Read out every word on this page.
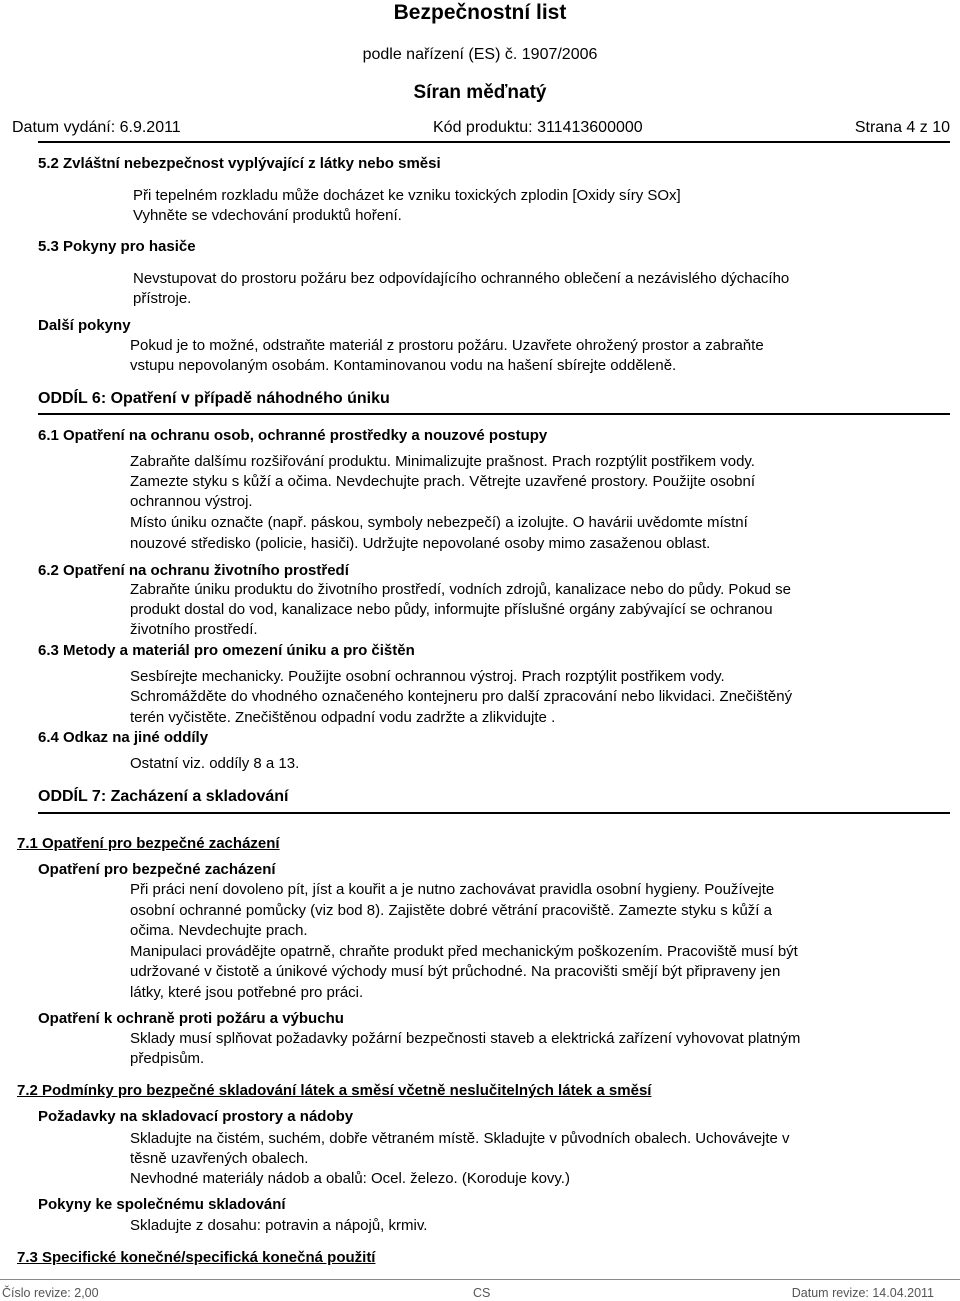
Bezpečnostní list
podle nařízení (ES) č. 1907/2006
Síran měďnatý
Datum vydání: 6.9.2011	Kód produktu: 311413600000	Strana 4 z 10
5.2 Zvláštní nebezpečnost vyplývající z látky nebo směsi
Při tepelném rozkladu může docházet ke vzniku toxických zplodin [Oxidy síry SOx]
Vyhněte se vdechování produktů hoření.
5.3 Pokyny pro hasiče
Nevstupovat do prostoru požáru bez odpovídajícího ochranného oblečení a nezávislého dýchacího
přístroje.
Další pokyny
Pokud je to možné, odstraňte materiál z prostoru požáru. Uzavřete ohrožený prostor a zabraňte
vstupu nepovolaným osobám. Kontaminovanou vodu na hašení sbírejte odděleně.
ODDÍL 6: Opatření v případě náhodného úniku
6.1 Opatření na ochranu osob, ochranné prostředky a nouzové postupy
Zabraňte dalšímu rozšiřování produktu. Minimalizujte prašnost. Prach rozptýlit postřikem vody.
Zamezte styku s kůží a očima. Nevdechujte prach. Větrejte uzavřené prostory. Použijte osobní
ochrannou výstroj.
Místo úniku označte (např. páskou, symboly nebezpečí) a izolujte. O havárii uvědomte místní
nouzové středisko (policie, hasiči). Udržujte nepovolané osoby mimo zasaženou oblast.
6.2 Opatření na ochranu životního prostředí
Zabraňte úniku produktu do životního prostředí, vodních zdrojů, kanalizace nebo do půdy. Pokud se
produkt dostal do vod, kanalizace nebo půdy, informujte příslušné orgány zabývající se ochranou
životního prostředí.
6.3 Metody a materiál pro omezení úniku a pro čištěn
Sesbírejte mechanicky. Použijte osobní ochrannou výstroj. Prach rozptýlit postřikem vody.
Schromážděte do vhodného označeného kontejneru pro další zpracování nebo likvidaci. Znečištěný
terén vyčistěte. Znečištěnou odpadní vodu zadržte a zlikvidujte .
6.4 Odkaz na jiné oddíly
Ostatní viz. oddíly 8 a 13.
ODDÍL 7: Zacházení a skladování
7.1 Opatření pro bezpečné zacházení
Opatření pro bezpečné zacházení
Při práci není dovoleno pít, jíst a kouřit a je nutno zachovávat pravidla osobní hygieny. Používejte
osobní ochranné pomůcky (viz bod 8). Zajistěte dobré větrání pracoviště. Zamezte styku s kůží a
očima. Nevdechujte prach.
Manipulaci provádějte opatrně, chraňte produkt před mechanickým poškozením. Pracoviště musí být
udržované v čistotě a únikové východy musí být průchodné. Na pracovišti smějí být připraveny jen
látky, které jsou potřebné pro práci.
Opatření k ochraně proti požáru a výbuchu
Sklady musí splňovat požadavky požární bezpečnosti staveb a elektrická zařízení vyhovovat platným
předpisům.
7.2 Podmínky pro bezpečné skladování látek a směsí včetně neslučitelných látek a směsí
Požadavky na skladovací prostory a nádoby
Skladujte na čistém, suchém, dobře větraném místě. Skladujte v původních obalech. Uchovávejte v
těsně uzavřených obalech.
Nevhodné materiály nádob a obalů: Ocel. železo. (Koroduje kovy.)
Pokyny ke společnému skladování
Skladujte z dosahu: potravin a nápojů, krmiv.
7.3 Specifické konečné/specifická konečná použití
Číslo revize: 2,00	CS	Datum revize: 14.04.2011
